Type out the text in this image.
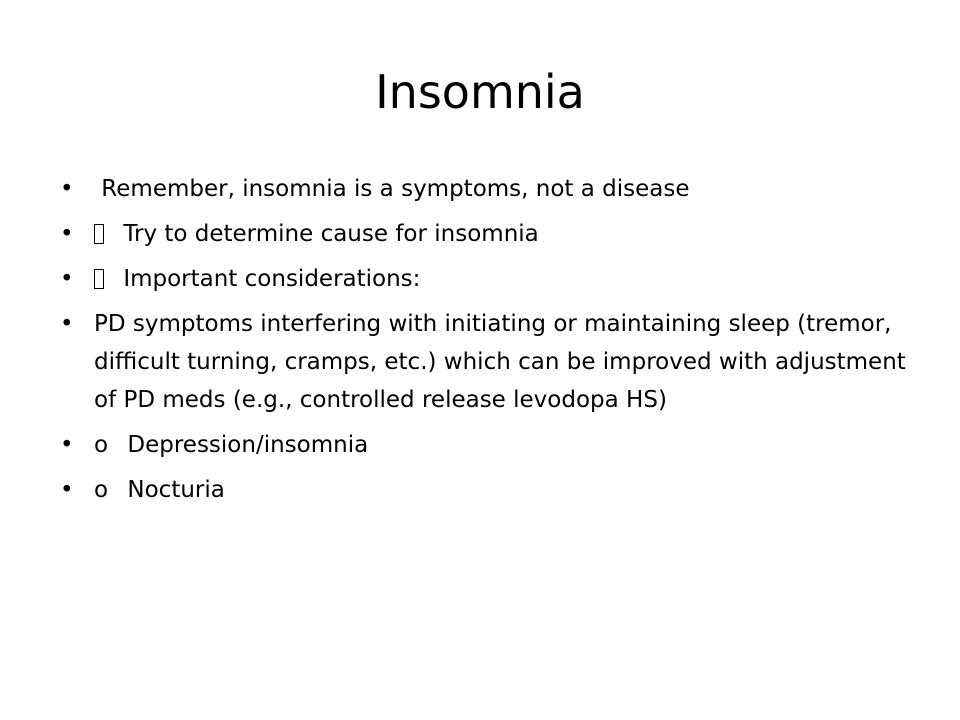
Insomnia
• Remember, insomnia is a symptoms, not a disease
•	Try to determine cause for insomnia
•	Important considerations:
• PD symptoms interfering with initiating or maintaining sleep (tremor, difficult turning, cramps, etc.) which can be improved with adjustment of PD meds (e.g., controlled release levodopa HS)
• o Depression/insomnia
• o Nocturia
